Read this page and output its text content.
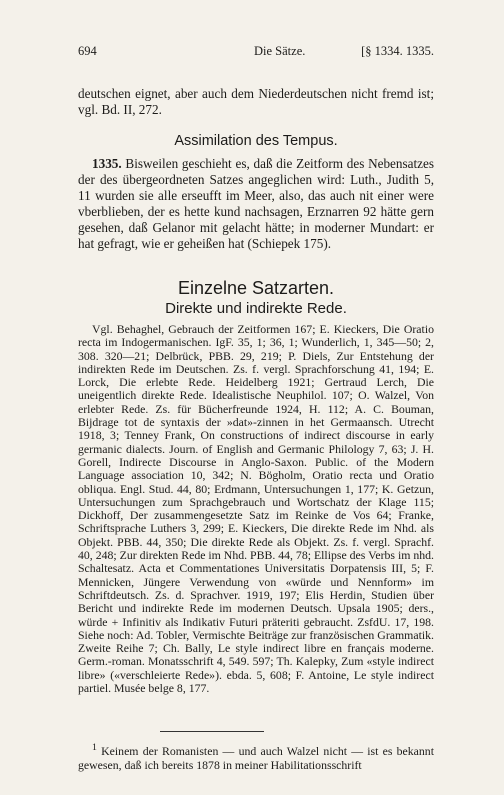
694	Die Sätze.	[§ 1334. 1335.

deutschen eignet, aber auch dem Niederdeutschen nicht fremd ist; vgl. Bd. II, 272.

Assimilation des Tempus.

1335. Bisweilen geschieht es, daß die Zeitform des Nebensatzes der des übergeordneten Satzes angeglichen wird: Luth., Judith 5, 11 wurden sie alle erseufft im Meer, also, das auch nit einer were vberblieben, der es hette kund nachsagen, Erznarren 92 hätte gern gesehen, daß Gelanor mit gelacht hätte; in moderner Mundart: er hat gefragt, wie er geheißen hat (Schiepek 175).

Einzelne Satzarten.
Direkte und indirekte Rede.

Vgl. Behaghel, Gebrauch der Zeitformen 167; E. Kieckers, Die Oratio recta im Indogermanischen. IgF. 35, 1; 36, 1; Wunderlich, 1, 345—50; 2, 308. 320—21; Delbrück, PBB. 29, 219; P. Diels, Zur Entstehung der indirekten Rede im Deutschen. Zs. f. vergl. Sprachforschung 41, 194; E. Lorck, Die erlebte Rede. Heidelberg 1921; Gertraud Lerch, Die uneigentlich direkte Rede. Idealistische Neuphilol. 107; O. Walzel, Von erlebter Rede. Zs. für Bücherfreunde 1924, H. 112; A. C. Bouman, Bijdrage tot de syntaxis der »dat»-zinnen in het Germaansch. Utrecht 1918, 3; Tenney Frank, On constructions of indirect discourse in early germanic dialects. Journ. of English and Germanic Philology 7, 63; J. H. Gorell, Indirecte Discourse in Anglo-Saxon. Public. of the Modern Language association 10, 342; N. Bögholm, Oratio recta und Oratio obliqua. Engl. Stud. 44, 80; Erdmann, Untersuchungen 1, 177; K. Getzun, Untersuchungen zum Sprachgebrauch und Wortschatz der Klage 115; Dickhoff, Der zusammengesetzte Satz im Reinke de Vos 64; Franke, Schriftsprache Luthers 3, 299; E. Kieckers, Die direkte Rede im Nhd. als Objekt. PBB. 44, 350; Die direkte Rede als Objekt. Zs. f. vergl. Sprachf. 40, 248; Zur direkten Rede im Nhd. PBB. 44, 78; Ellipse des Verbs im nhd. Schaltesatz. Acta et Commentationes Universitatis Dorpatensis III, 5; F. Mennicken, Jüngere Verwendung von «würde und Nennform» im Schriftdeutsch. Zs. d. Sprachver. 1919, 197; Elis Herdin, Studien über Bericht und indirekte Rede im modernen Deutsch. Upsala 1905; ders., würde + Infinitiv als Indikativ Futuri präteriti gebraucht. ZsfdU. 17, 198. Siehe noch: Ad. Tobler, Vermischte Beiträge zur französischen Grammatik. Zweite Reihe 7; Ch. Bally, Le style indirect libre en français moderne. Germ.-roman. Monatsschrift 4, 549. 597; Th. Kalepky, Zum «style indirect libre» («verschleierte Rede»). ebda. 5, 608; F. Antoine, Le style indirect partiel. Musée belge 8, 177.

$^1$ Keinem der Romanisten — und auch Walzel nicht — ist es bekannt gewesen, daß ich bereits 1878 in meiner Habilitationsschrift
